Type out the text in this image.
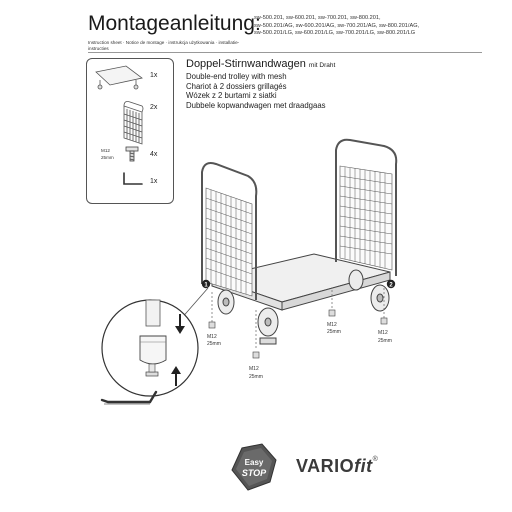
Montageanleitung:
Instruction sheet · Notice de montage · instrukcja użytkowania · installatie-instructies
sw-500.201, sw-600.201, sw-700.201, sw-800.201,
sw-500.201/AG, sw-600.201/AG, sw-700.201/AG, sw-800.201/AG,
sw-500.201/LG, sw-600.201/LG, sw-700.201/LG, sw-800.201/LG
1x
2x
4x
1x
M12
25mm
Doppel-Stirnwandwagen mit Draht
Double-end trolley with mesh
Chariot à 2 dossiers grillagés
Wózek z 2 burtami z siatki
Dubbele kopwandwagen met draadgaas
1	2
M12
25mm
M12
25mm
M12
25mm	M12
25mm
Easy
STOP VARIOfit®
